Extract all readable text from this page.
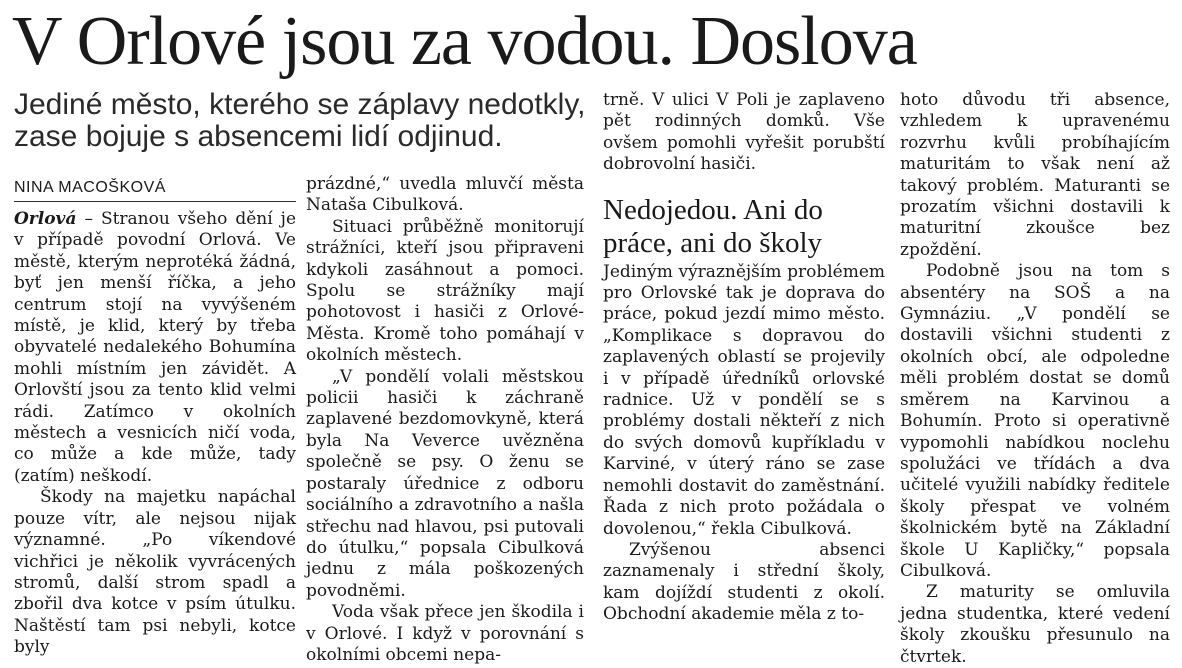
V Orlové jsou za vodou. Doslova
Jediné město, kterého se záplavy nedotkly, zase bojuje s absencemi lidí odjinud.
NINA MACOŠKOVÁ

Orlová – Stranou všeho dění je v případě povodní Orlová. Ve městě, kterým neprotéká žádná, byť jen menší říčka, a jeho centrum stojí na vyvýšeném místě, je klid, který by třeba obyvatelé nedalekého Bohumína mohli místním jen závidět. A Orlovští jsou za tento klid velmi rádi. Zatímco v okolních městech a vesnicích ničí voda, co může a kde může, tady (zatím) neškodí.

Škody na majetku napáchal pouze vítr, ale nejsou nijak významné. „Po víkendové vichřici je několik vyvrácených stromů, další strom spadl a zbořil dva kotce v psím útulku. Naštěstí tam psi nebyli, kotce byly

prázdné,“ uvedla mluvčí města Nataša Cibulková.

Situaci průběžně monitorují strážníci, kteří jsou připraveni kdykoli zasáhnout a pomoci. Spolu se strážníky mají pohotovost i hasiči z Orlové-Města. Kromě toho pomáhají v okolních městech.

„V pondělí volali městskou policii hasiči k záchraně zaplavené bezdomovkyně, která byla Na Veverce uvězněna společně se psy. O ženu se postaraly úřednice z odboru sociálního a zdravotního a našla střechu nad hlavou, psi putovali do útulku,“ popsala Cibulková jednu z mála poškozených povodněmi.

Voda však přece jen škodila i v Orlové. I když v porovnání s okolními obcemi nepa-

trně. V ulici V Poli je zaplaveno pět rodinných domků. Vše ovšem pomohli vyřešit porubští dobrovolní hasiči.

Nedojedou. Ani do práce, ani do školy

Jediným výraznějším problémem pro Orlovské tak je doprava do práce, pokud jezdí mimo město. „Komplikace s dopravou do zaplavených oblastí se projevily i v případě úředníků orlovské radnice. Už v pondělí se s problémy dostali někteří z nich do svých domovů kupříkladu v Karviné, v úterý ráno se zase nemohli dostavit do zaměstnání. Řada z nich proto požádala o dovolenou,“ řekla Cibulková.

Zvýšenou absenci zaznamenaly i střední školy, kam dojíždí studenti z okolí. Obchodní akademie měla z to-

hoto důvodu tři absence, vzhledem k upravenému rozvrhu kvůli probíhajícím maturitám to však není až takový problém. Maturanti se prozatím všichni dostavili k maturitní zkoušce bez zpoždění.

Podobně jsou na tom s absentéry na SOŠ a na Gymnáziu. „V pondělí se dostavili všichni studenti z okolních obcí, ale odpoledne měli problém dostat se domů směrem na Karvinou a Bohumín. Proto si operativně vypomohli nabídkou noclehu spolužáci ve třídách a dva učitelé využili nabídky ředitele školy přespat ve volném školnickém bytě na Základní škole U Kapličky,“ popsala Cibulková.

Z maturity se omluvila jedna studentka, které vedení školy zkoušku přesunulo na čtvrtek.
